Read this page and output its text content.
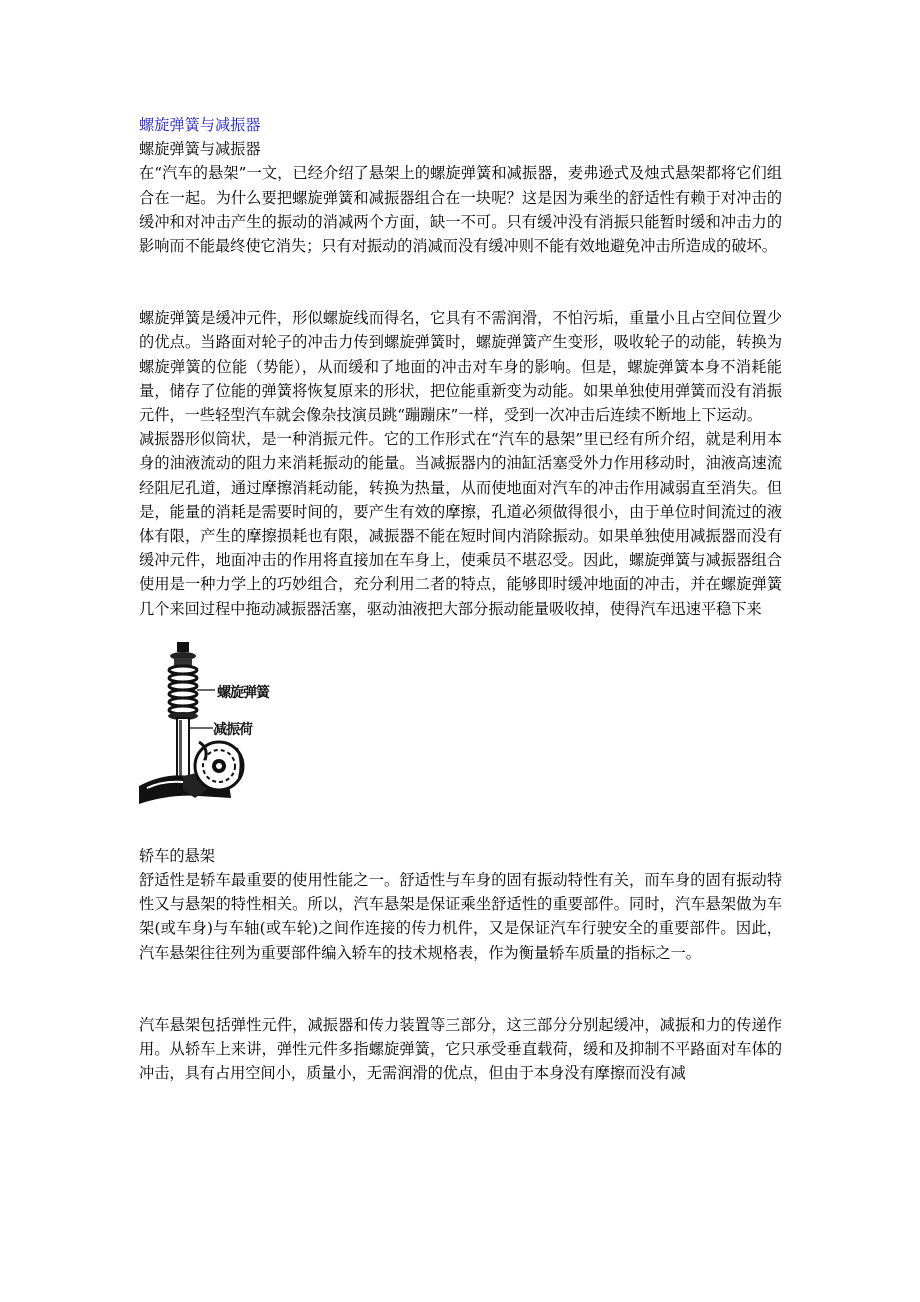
螺旋弹簧与减振器
螺旋弹簧与减振器

在“汽车的悬架”一文，已经介绍了悬架上的螺旋弹簧和减振器，麦弗逊式及烛式悬架都将它们组合在一起。为什么要把螺旋弹簧和减振器组合在一块呢？这是因为乘坐的舒适性有赖于对冲击的缓冲和对冲击产生的振动的消减两个方面，缺一不可。只有缓冲没有消振只能暂时缓和冲击力的影响而不能最终使它消失；只有对振动的消减而没有缓冲则不能有效地避免冲击所造成的破坏。

螺旋弹簧是缓冲元件，形似螺旋线而得名，它具有不需润滑，不怕污垢，重量小且占空间位置少的优点。当路面对轮子的冲击力传到螺旋弹簧时，螺旋弹簧产生变形，吸收轮子的动能，转换为螺旋弹簧的位能（势能），从而缓和了地面的冲击对车身的影响。但是，螺旋弹簧本身不消耗能量，储存了位能的弹簧将恢复原来的形状，把位能重新变为动能。如果单独使用弹簧而没有消振元件，一些轻型汽车就会像杂技演员跳“蹦蹦床”一样，受到一次冲击后连续不断地上下运动。

减振器形似筒状，是一种消振元件。它的工作形式在“汽车的悬架”里已经有所介绍，就是利用本身的油液流动的阻力来消耗振动的能量。当减振器内的油缸活塞受外力作用移动时，油液高速流经阻尼孔道，通过摩擦消耗动能，转换为热量，从而使地面对汽车的冲击作用减弱直至消失。但是，能量的消耗是需要时间的，要产生有效的摩擦，孔道必须做得很小，由于单位时间流过的液体有限，产生的摩擦损耗也有限，减振器不能在短时间内消除振动。如果单独使用减振器而没有缓冲元件，地面冲击的作用将直接加在车身上，使乘员不堪忍受。因此，螺旋弹簧与减振器组合使用是一种力学上的巧妙组合，充分利用二者的特点，能够即时缓冲地面的冲击，并在螺旋弹簧几个来回过程中拖动减振器活塞，驱动油液把大部分振动能量吸收掉，使得汽车迅速平稳下来

螺旋弹簧
减振荷
轿车的悬架

舒适性是轿车最重要的使用性能之一。舒适性与车身的固有振动特性有关，而车身的固有振动特性又与悬架的特性相关。所以，汽车悬架是保证乘坐舒适性的重要部件。同时，汽车悬架做为车架(或车身)与车轴(或车轮)之间作连接的传力机件，又是保证汽车行驶安全的重要部件。因此，汽车悬架往往列为重要部件编入轿车的技术规格表，作为衡量轿车质量的指标之一。

汽车悬架包括弹性元件，减振器和传力装置等三部分，这三部分分别起缓冲，减振和力的传递作用。从轿车上来讲，弹性元件多指螺旋弹簧，它只承受垂直载荷，缓和及抑制不平路面对车体的冲击，具有占用空间小，质量小，无需润滑的优点，但由于本身没有摩擦而没有减
